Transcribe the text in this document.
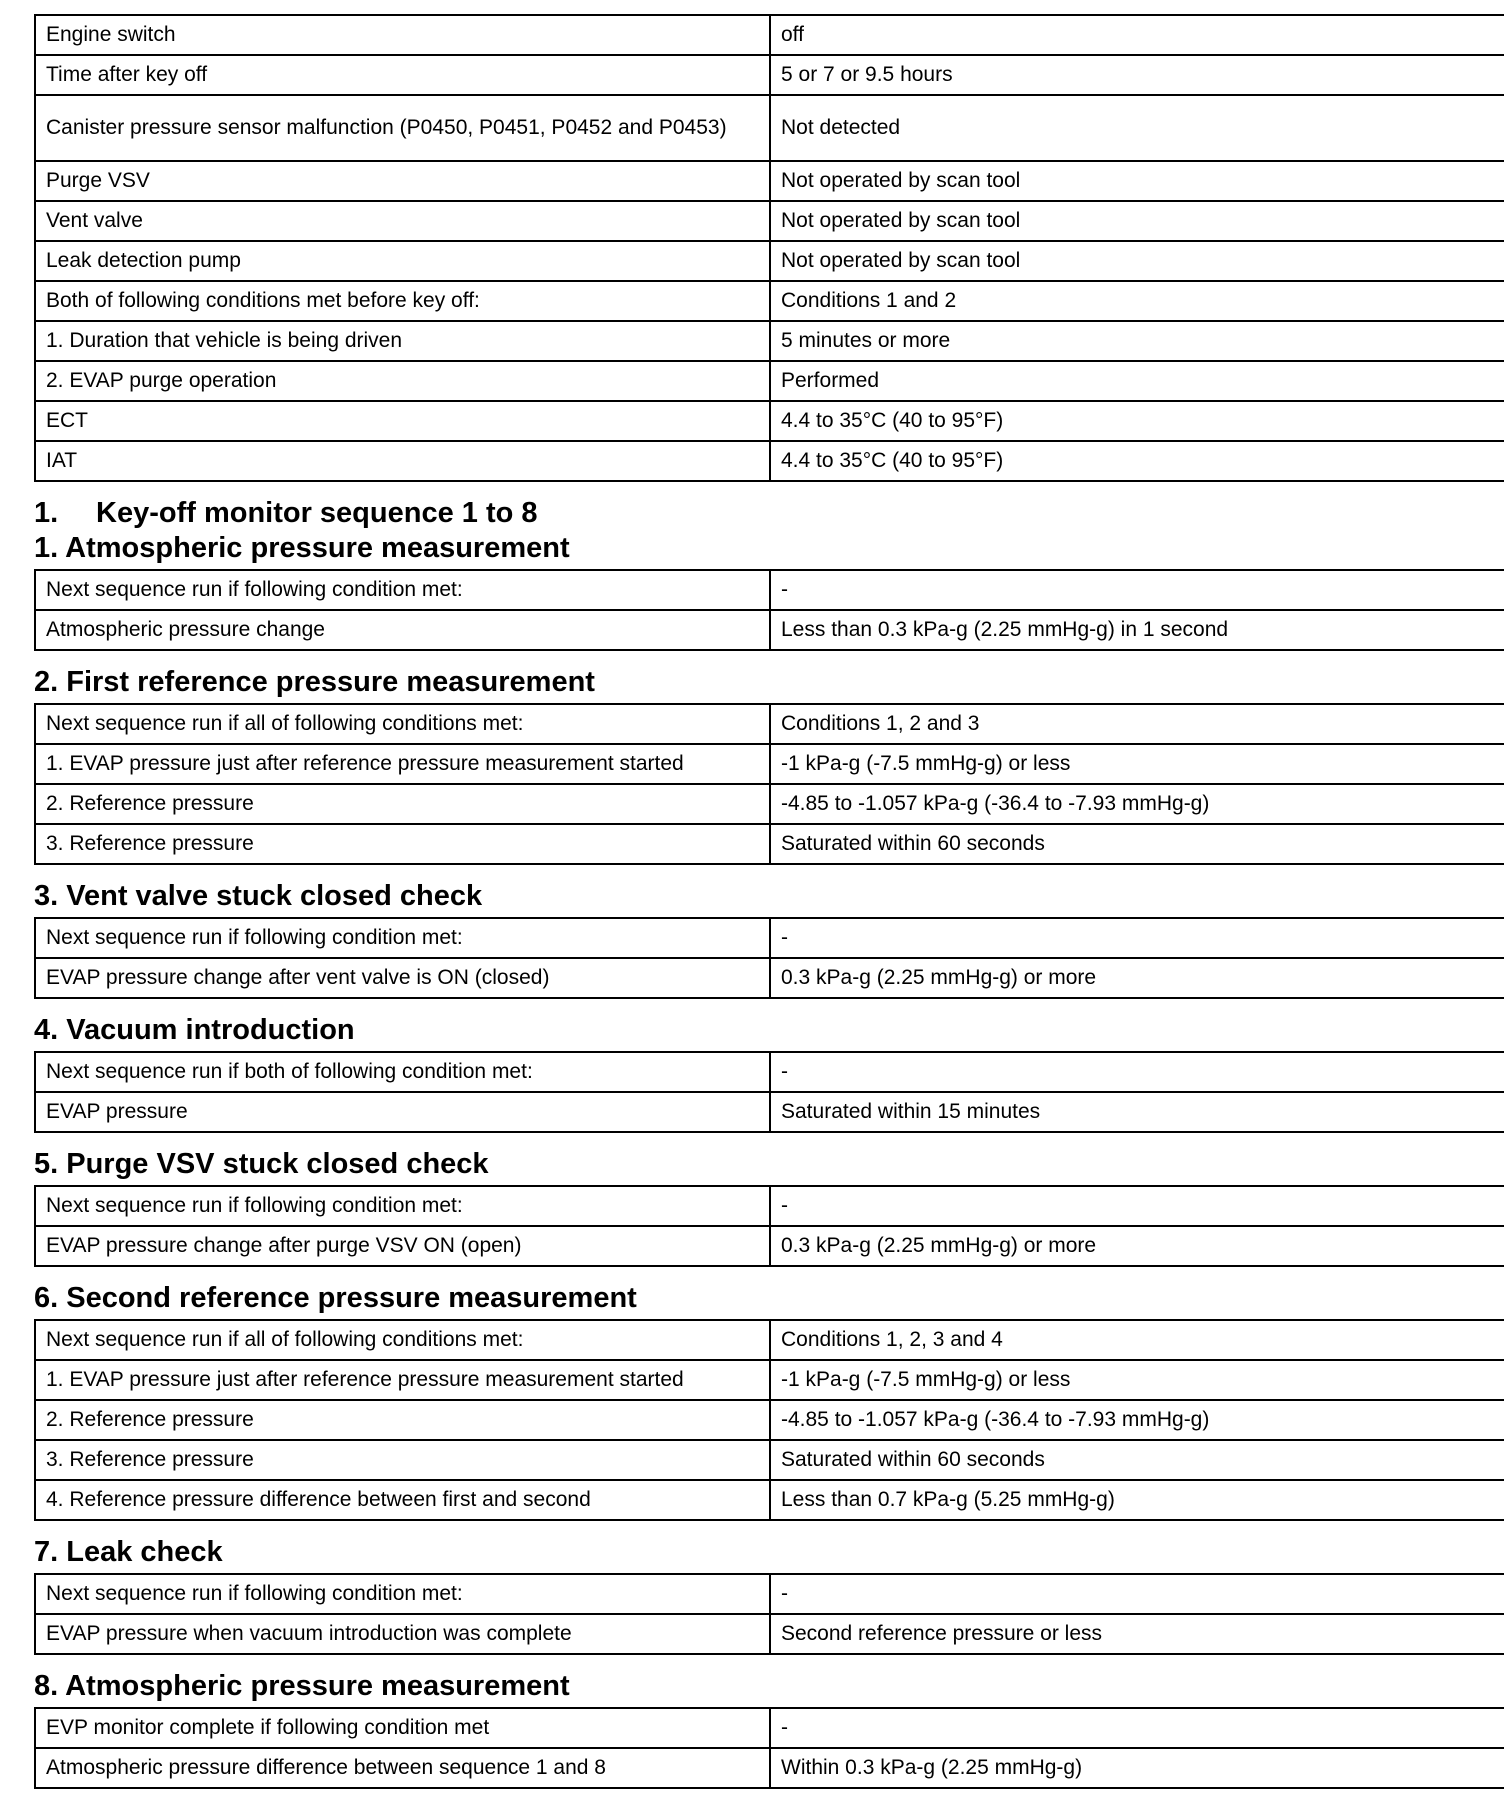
Engine switch	off
Time after key off	5 or 7 or 9.5 hours
Canister pressure sensor malfunction (P0450, P0451, P0452 and P0453)	Not detected
Purge VSV	Not operated by scan tool
Vent valve	Not operated by scan tool
Leak detection pump	Not operated by scan tool
Both of following conditions met before key off:	Conditions 1 and 2
1. Duration that vehicle is being driven	5 minutes or more
2. EVAP purge operation	Performed
ECT	4.4 to 35°C (40 to 95°F)
IAT	4.4 to 35°C (40 to 95°F)
1. Key-off monitor sequence 1 to 8
1. Atmospheric pressure measurement
Next sequence run if following condition met:	-
Atmospheric pressure change	Less than 0.3 kPa-g (2.25 mmHg-g) in 1 second
2. First reference pressure measurement
Next sequence run if all of following conditions met:	Conditions 1, 2 and 3
1. EVAP pressure just after reference pressure measurement started	-1 kPa-g (-7.5 mmHg-g) or less
2. Reference pressure	-4.85 to -1.057 kPa-g (-36.4 to -7.93 mmHg-g)
3. Reference pressure	Saturated within 60 seconds
3. Vent valve stuck closed check
Next sequence run if following condition met:	-
EVAP pressure change after vent valve is ON (closed)	0.3 kPa-g (2.25 mmHg-g) or more
4. Vacuum introduction
Next sequence run if both of following condition met:	-
EVAP pressure	Saturated within 15 minutes
5. Purge VSV stuck closed check
Next sequence run if following condition met:	-
EVAP pressure change after purge VSV ON (open)	0.3 kPa-g (2.25 mmHg-g) or more
6. Second reference pressure measurement
Next sequence run if all of following conditions met:	Conditions 1, 2, 3 and 4
1. EVAP pressure just after reference pressure measurement started	-1 kPa-g (-7.5 mmHg-g) or less
2. Reference pressure	-4.85 to -1.057 kPa-g (-36.4 to -7.93 mmHg-g)
3. Reference pressure	Saturated within 60 seconds
4. Reference pressure difference between first and second	Less than 0.7 kPa-g (5.25 mmHg-g)
7. Leak check
Next sequence run if following condition met:	-
EVAP pressure when vacuum introduction was complete	Second reference pressure or less
8. Atmospheric pressure measurement
EVP monitor complete if following condition met	-
Atmospheric pressure difference between sequence 1 and 8	Within 0.3 kPa-g (2.25 mmHg-g)
